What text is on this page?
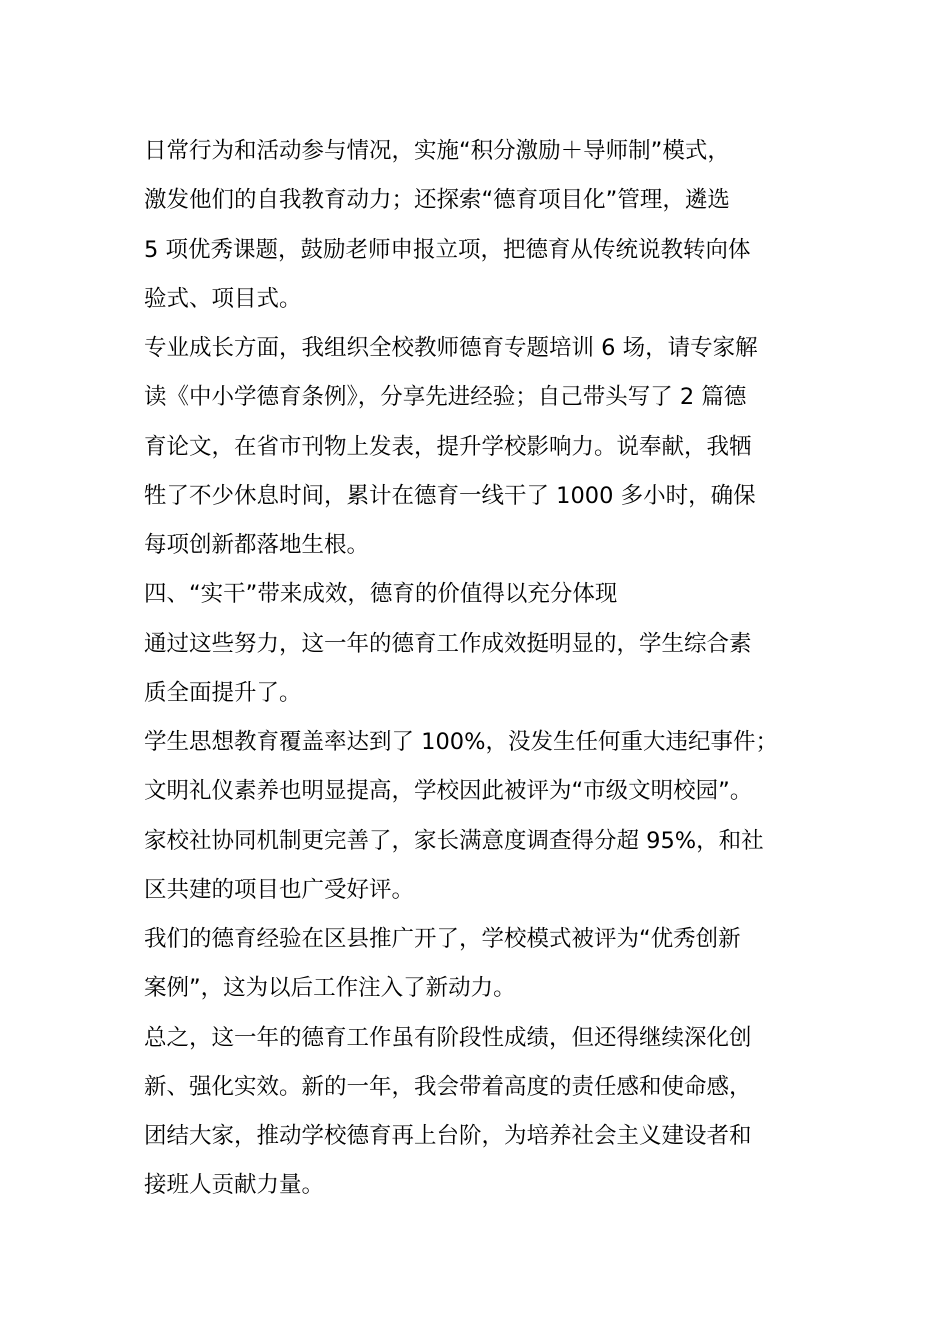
日常行为和活动参与情况，实施“积分激励＋导师制”模式，
激发他们的自我教育动力；还探索“德育项目化”管理，遴选
5 项优秀课题，鼓励老师申报立项，把德育从传统说教转向体
验式、项目式。
专业成长方面，我组织全校教师德育专题培训 6 场，请专家解
读《中小学德育条例》，分享先进经验；自己带头写了 2 篇德
育论文，在省市刊物上发表，提升学校影响力。说奉献，我牺
牲了不少休息时间，累计在德育一线干了 1000 多小时，确保
每项创新都落地生根。
四、“实干”带来成效，德育的价值得以充分体现
通过这些努力，这一年的德育工作成效挺明显的，学生综合素
质全面提升了。
学生思想教育覆盖率达到了 100%，没发生任何重大违纪事件；
文明礼仪素养也明显提高，学校因此被评为“市级文明校园”。
家校社协同机制更完善了，家长满意度调查得分超 95%，和社
区共建的项目也广受好评。
我们的德育经验在区县推广开了，学校模式被评为“优秀创新
案例”，这为以后工作注入了新动力。
总之，这一年的德育工作虽有阶段性成绩，但还得继续深化创
新、强化实效。新的一年，我会带着高度的责任感和使命感，
团结大家，推动学校德育再上台阶，为培养社会主义建设者和
接班人贡献力量。
